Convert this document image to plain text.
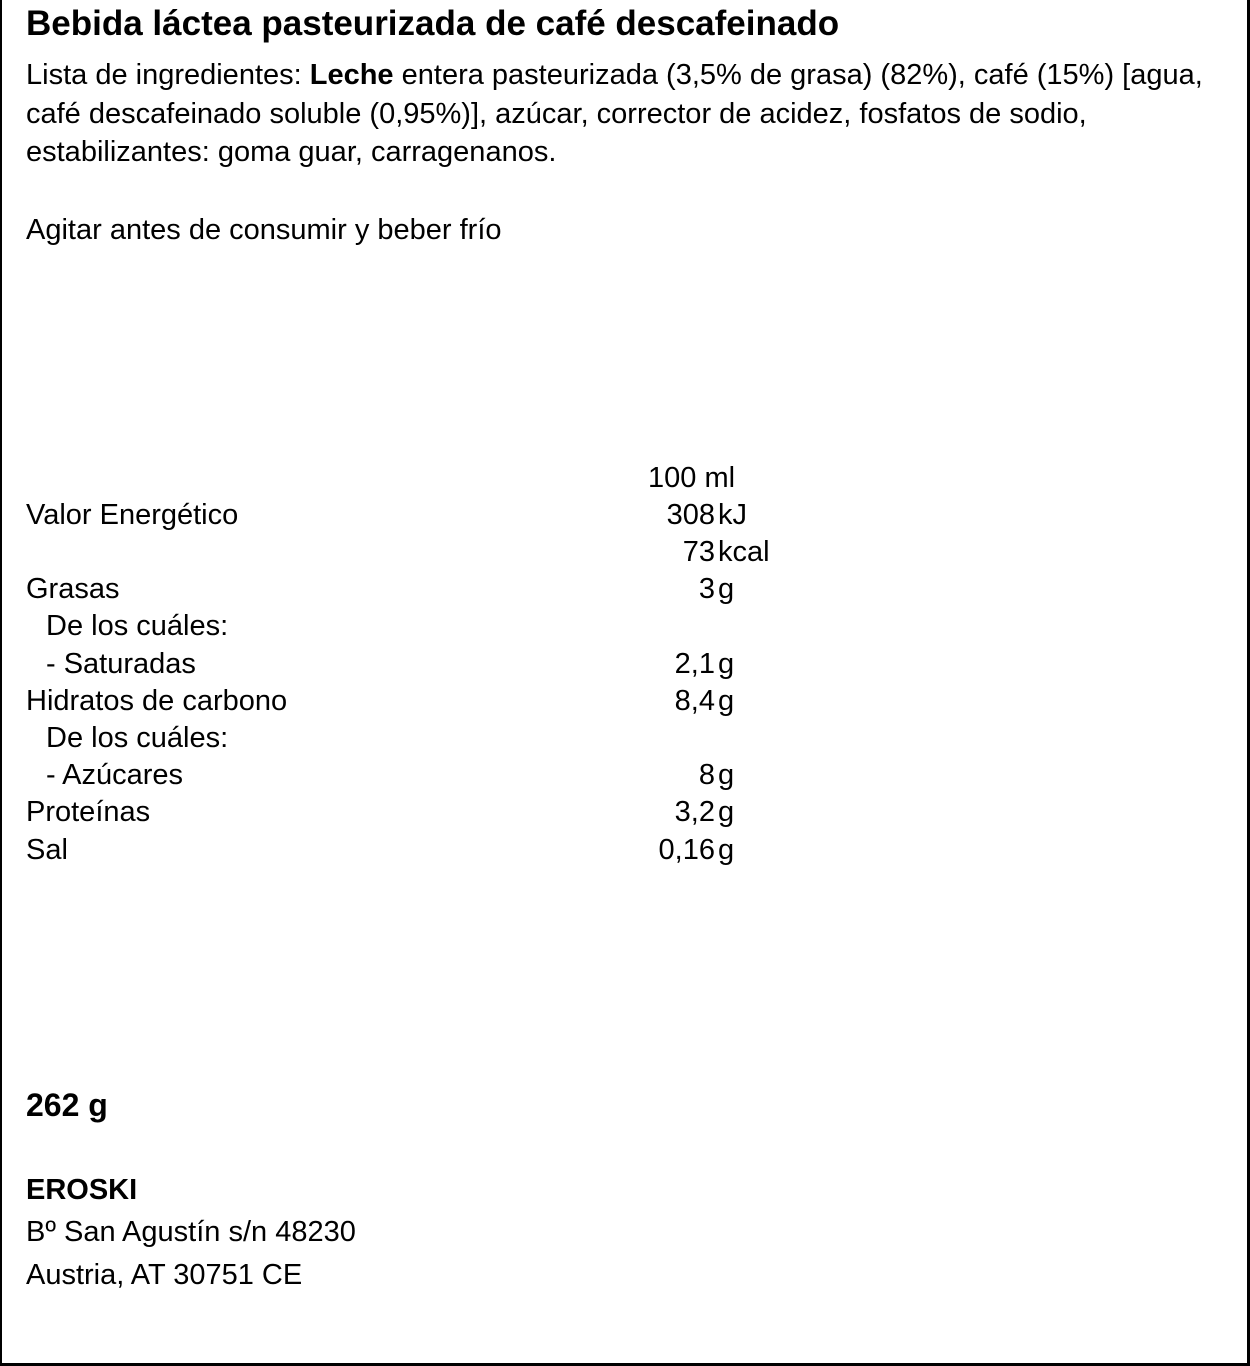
Bebida láctea pasteurizada de café descafeinado
Lista de ingredientes: Leche entera pasteurizada (3,5% de grasa) (82%), café (15%) [agua, café descafeinado soluble (0,95%)], azúcar, corrector de acidez, fosfatos de sodio, estabilizantes: goma guar, carragenanos.
Agitar antes de consumir y beber frío
100 ml
Valor Energético	308 kJ
73 kcal
Grasas	3 g
De los cuáles:
- Saturadas	2,1 g
Hidratos de carbono	8,4 g
De los cuáles:
- Azúcares	8 g
Proteínas	3,2 g
Sal	0,16 g
262 g
EROSKI
Bº San Agustín s/n 48230
Austria, AT 30751 CE
